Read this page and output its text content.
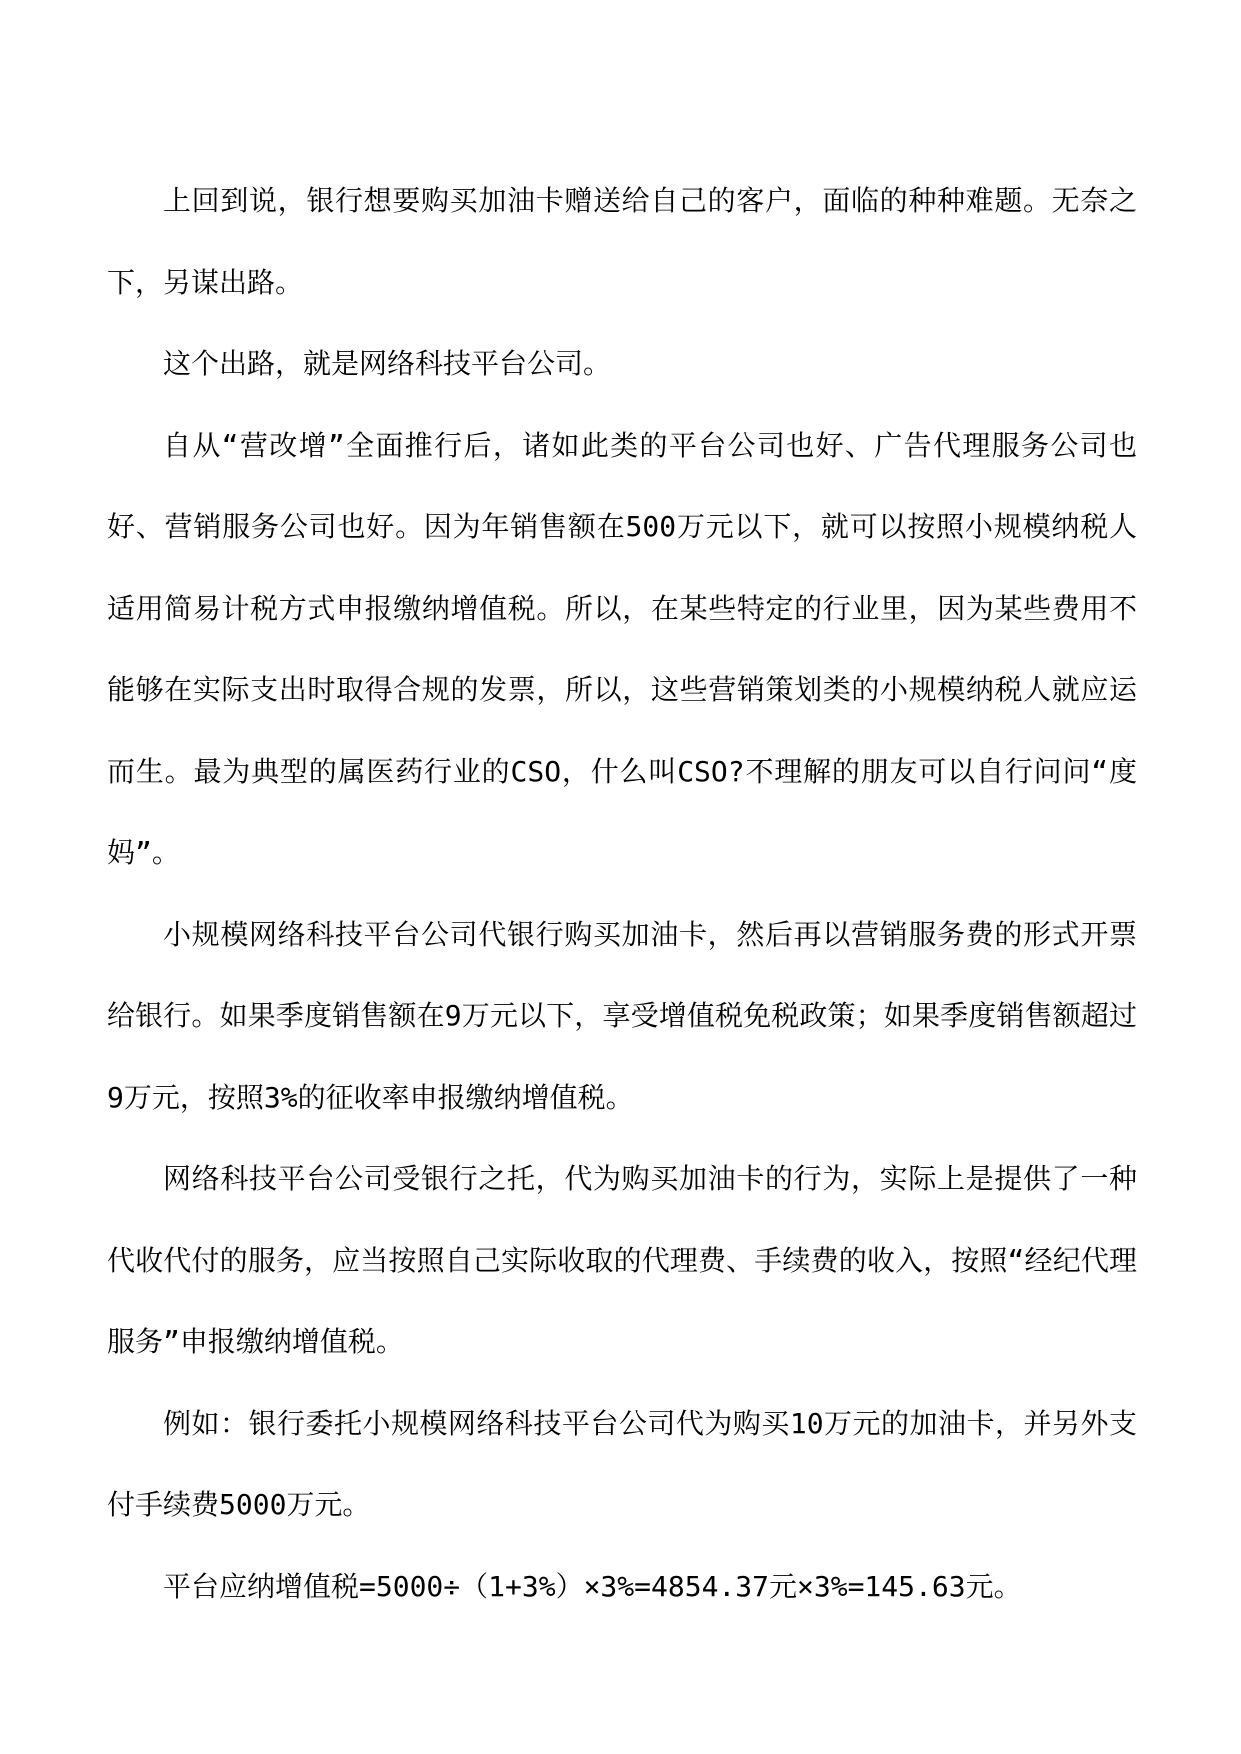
上回到说，银行想要购买加油卡赠送给自己的客户，面临的种种难题。无奈之下，另谋出路。

这个出路，就是网络科技平台公司。

自从“营改增”全面推行后，诸如此类的平台公司也好、广告代理服务公司也好、营销服务公司也好。因为年销售额在500万元以下，就可以按照小规模纳税人适用简易计税方式申报缴纳增值税。所以，在某些特定的行业里，因为某些费用不能够在实际支出时取得合规的发票，所以，这些营销策划类的小规模纳税人就应运而生。最为典型的属医药行业的CSO，什么叫CSO?不理解的朋友可以自行问问“度妈”。

小规模网络科技平台公司代银行购买加油卡，然后再以营销服务费的形式开票给银行。如果季度销售额在9万元以下，享受增值税免税政策；如果季度销售额超过9万元，按照3%的征收率申报缴纳增值税。

网络科技平台公司受银行之托，代为购买加油卡的行为，实际上是提供了一种代收代付的服务，应当按照自己实际收取的代理费、手续费的收入，按照“经纪代理服务”申报缴纳增值税。

例如：银行委托小规模网络科技平台公司代为购买10万元的加油卡，并另外支付手续费5000万元。

平台应纳增值税=5000÷（1+3%）×3%=4854.37元×3%=145.63元。
